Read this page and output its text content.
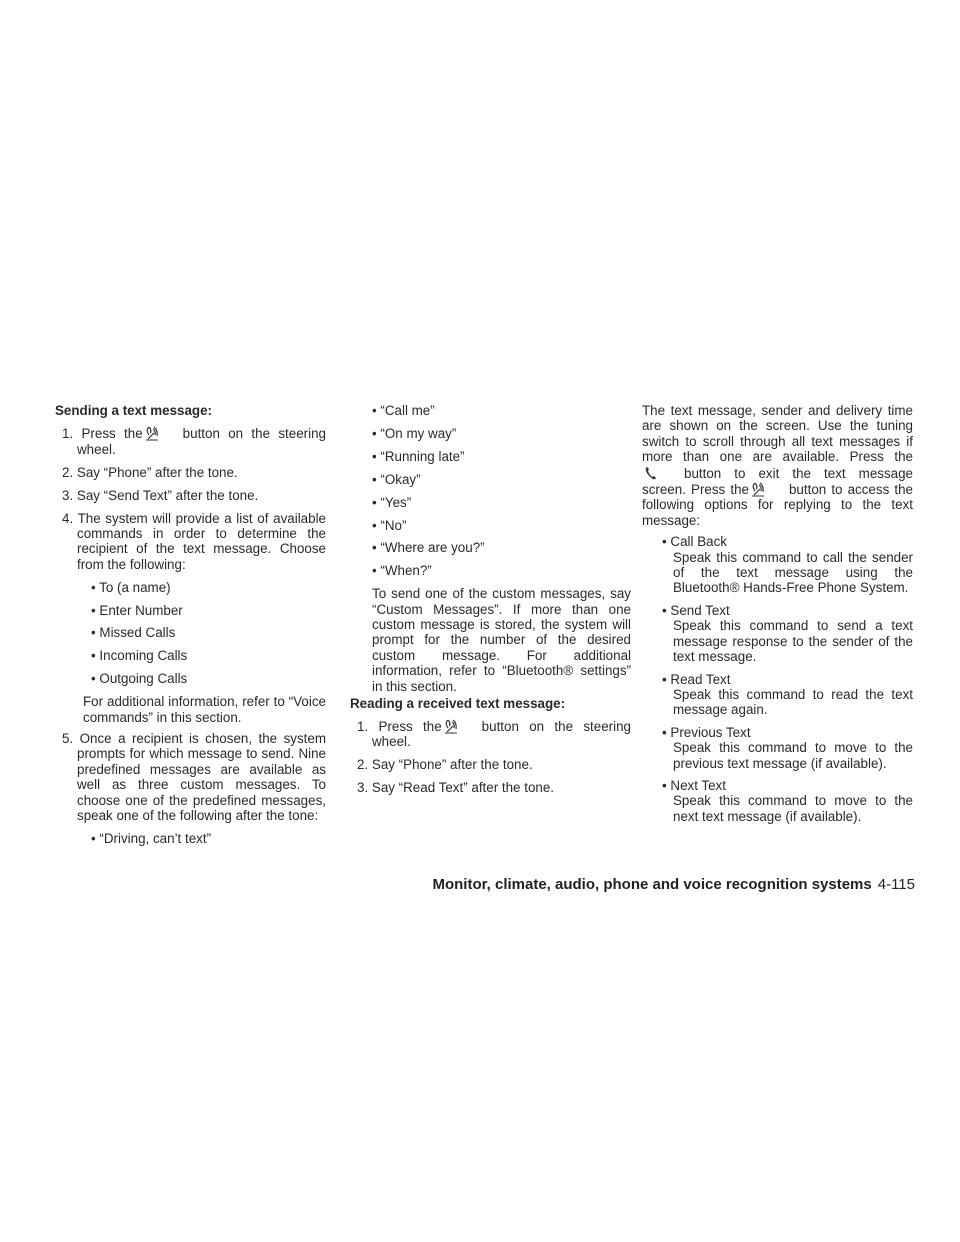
Sending a text message:
1. Press the	button on the steering wheel.
2. Say “Phone” after the tone.
3. Say “Send Text” after the tone.
4. The system will provide a list of available commands in order to determine the recipient of the text message. Choose from the following:
• To (a name)
• Enter Number
• Missed Calls
• Incoming Calls
• Outgoing Calls
For additional information, refer to “Voice commands” in this section.
5. Once a recipient is chosen, the system prompts for which message to send. Nine predefined messages are available as well as three custom messages. To choose one of the predefined messages, speak one of the following after the tone:
• “Driving, can’t text”
• “Call me”
• “On my way”
• “Running late”
• “Okay”
• “Yes”
• “No”
• “Where are you?”
• “When?”
To send one of the custom messages, say “Custom Messages”. If more than one custom message is stored, the system will prompt for the number of the desired custom message. For additional information, refer to “Bluetooth® settings” in this section.
Reading a received text message:
1. Press the	button on the steering wheel.
2. Say “Phone” after the tone.
3. Say “Read Text” after the tone.
The text message, sender and delivery time are shown on the screen. Use the tuning switch to scroll through all text messages if more than one are available. Press thebutton to exit the text message screen. Press the	button to access the following options for replying to the text message:
• Call Back
Speak this command to call the sender of the text message using the Bluetooth® Hands-Free Phone System.
• Send Text
Speak this command to send a text message response to the sender of the text message.
• Read Text
Speak this command to read the text message again.
• Previous Text
Speak this command to move to the previous text message (if available).
• Next Text
Speak this command to move to the next text message (if available).
Monitor, climate, audio, phone and voice recognition systems 4-115
